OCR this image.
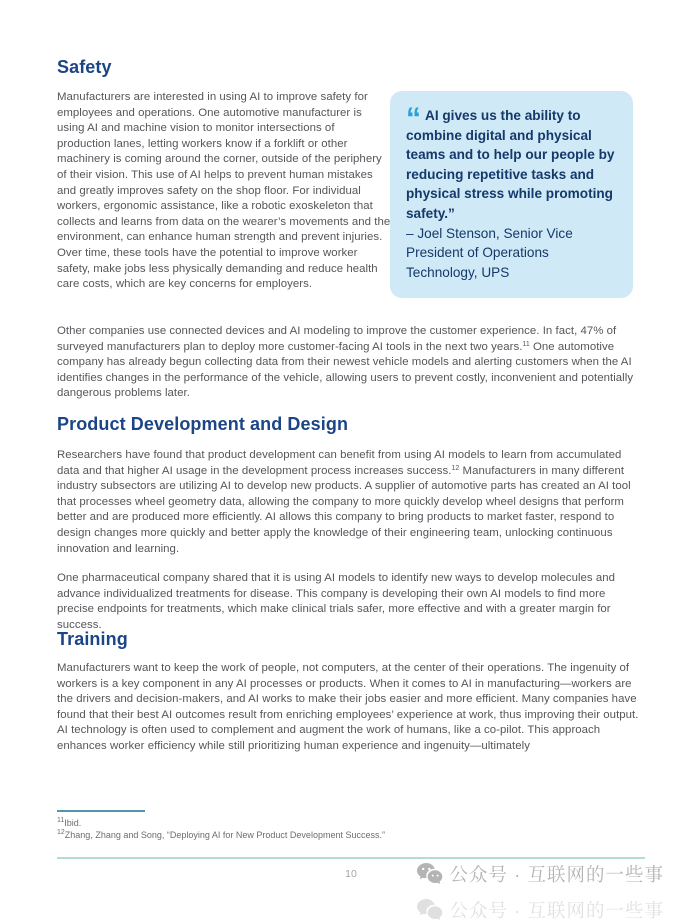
Safety

Manufacturers are interested in using AI to improve safety for employees and operations. One automotive manufacturer is using AI and machine vision to monitor intersections of production lanes, letting workers know if a forklift or other machinery is coming around the corner, outside of the periphery of their vision. This use of AI helps to prevent human mistakes and greatly improves safety on the shop floor. For individual workers, ergonomic assistance, like a robotic exoskeleton that collects and learns from data on the wearer’s movements and the environment, can enhance human strength and prevent injuries. Over time, these tools have the potential to improve worker safety, make jobs less physically demanding and reduce health care costs, which are key concerns for employers.

“ AI gives us the ability to combine digital and physical teams and to help our people by reducing repetitive tasks and physical stress while promoting safety.”
– Joel Stenson, Senior Vice President of Operations Technology, UPS

Other companies use connected devices and AI modeling to improve the customer experience. In fact, 47% of surveyed manufacturers plan to deploy more customer-facing AI tools in the next two years.$^{11}$ One automotive company has already begun collecting data from their newest vehicle models and alerting customers when the AI identifies changes in the performance of the vehicle, allowing users to prevent costly, inconvenient and potentially dangerous problems later.

Product Development and Design

Researchers have found that product development can benefit from using AI models to learn from accumulated data and that higher AI usage in the development process increases success.$^{12}$ Manufacturers in many different industry subsectors are utilizing AI to develop new products. A supplier of automotive parts has created an AI tool that processes wheel geometry data, allowing the company to more quickly develop wheel designs that perform better and are produced more efficiently. AI allows this company to bring products to market faster, respond to design changes more quickly and better apply the knowledge of their engineering team, unlocking continuous innovation and learning.

One pharmaceutical company shared that it is using AI models to identify new ways to develop molecules and advance individualized treatments for disease. This company is developing their own AI models to find more precise endpoints for treatments, which make clinical trials safer, more effective and with a greater margin for success.

Training

Manufacturers want to keep the work of people, not computers, at the center of their operations. The ingenuity of workers is a key component in any AI processes or products. When it comes to AI in manufacturing—workers are the drivers and decision-makers, and AI works to make their jobs easier and more efficient. Many companies have found that their best AI outcomes result from enriching employees’ experience at work, thus improving their output. AI technology is often used to complement and augment the work of humans, like a co-pilot. This approach enhances worker efficiency while still prioritizing human experience and ingenuity—ultimately

$^{11}$Ibid.

$^{12}$Zhang, Zhang and Song, “Deploying AI for New Product Development Success.”

10	公众号 · 互联网的一些事
公众号 · 互联网的一些事
